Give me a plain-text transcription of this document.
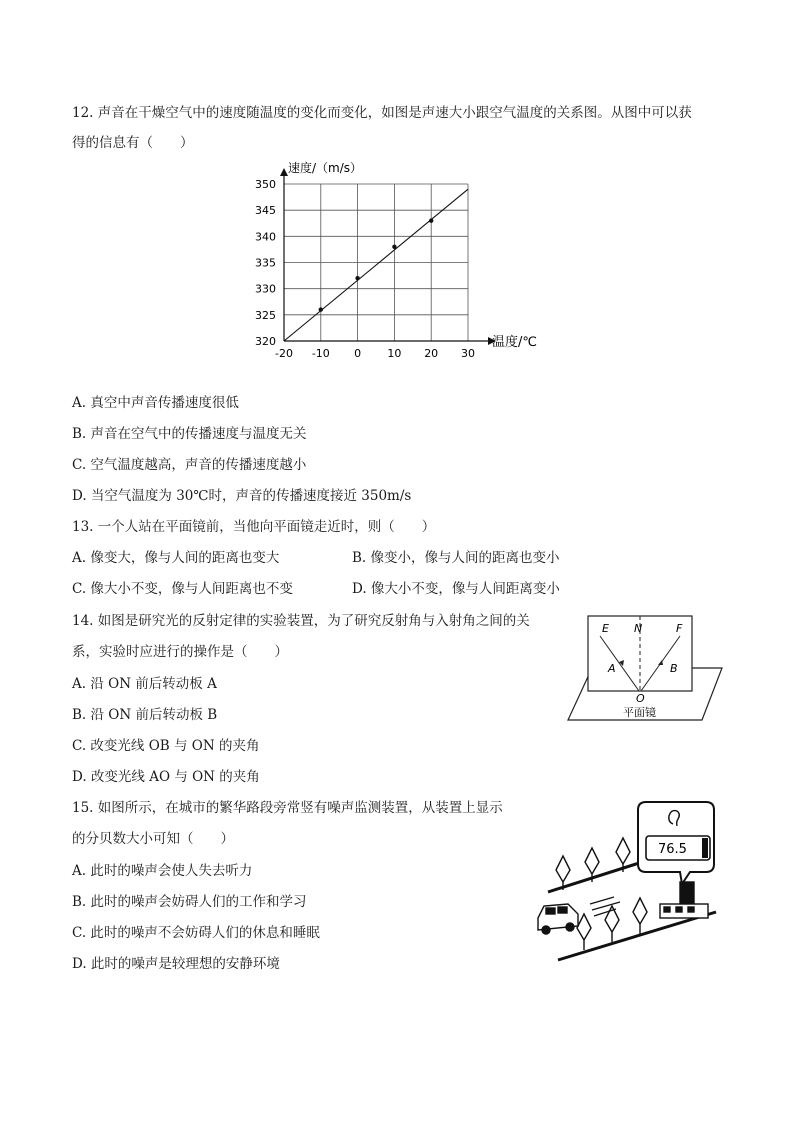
12. 声音在干燥空气中的速度随温度的变化而变化，如图是声速大小跟空气温度的关系图。从图中可以获
得的信息有（　　）
-20 -10 0 10 20 30
320
325
330
335
340
345
350
速度/（m/s）
温度/℃
A. 真空中声音传播速度很低
B. 声音在空气中的传播速度与温度无关
C. 空气温度越高，声音的传播速度越小
D. 当空气温度为 30℃时，声音的传播速度接近 350m/s
13. 一个人站在平面镜前，当他向平面镜走近时，则（　　）
A. 像变大，像与人间的距离也变大	B. 像变小，像与人间的距离也变小
C. 像大小不变，像与人间距离也不变	D. 像大小不变，像与人间距离变小
14. 如图是研究光的反射定律的实验装置，为了研究反射角与入射角之间的关
系，实验时应进行的操作是（　　）
A. 沿 ON 前后转动板 A
B. 沿 ON 前后转动板 B
C. 改变光线 OB 与 ON 的夹角
D. 改变光线 AO 与 ON 的夹角
E N	F
A	B
O
平面镜
15. 如图所示，在城市的繁华路段旁常竖有噪声监测装置，从装置上显示
的分贝数大小可知（　　）
A. 此时的噪声会使人失去听力
B. 此时的噪声会妨碍人们的工作和学习
C. 此时的噪声不会妨碍人们的休息和睡眠
D. 此时的噪声是较理想的安静环境
76.5
